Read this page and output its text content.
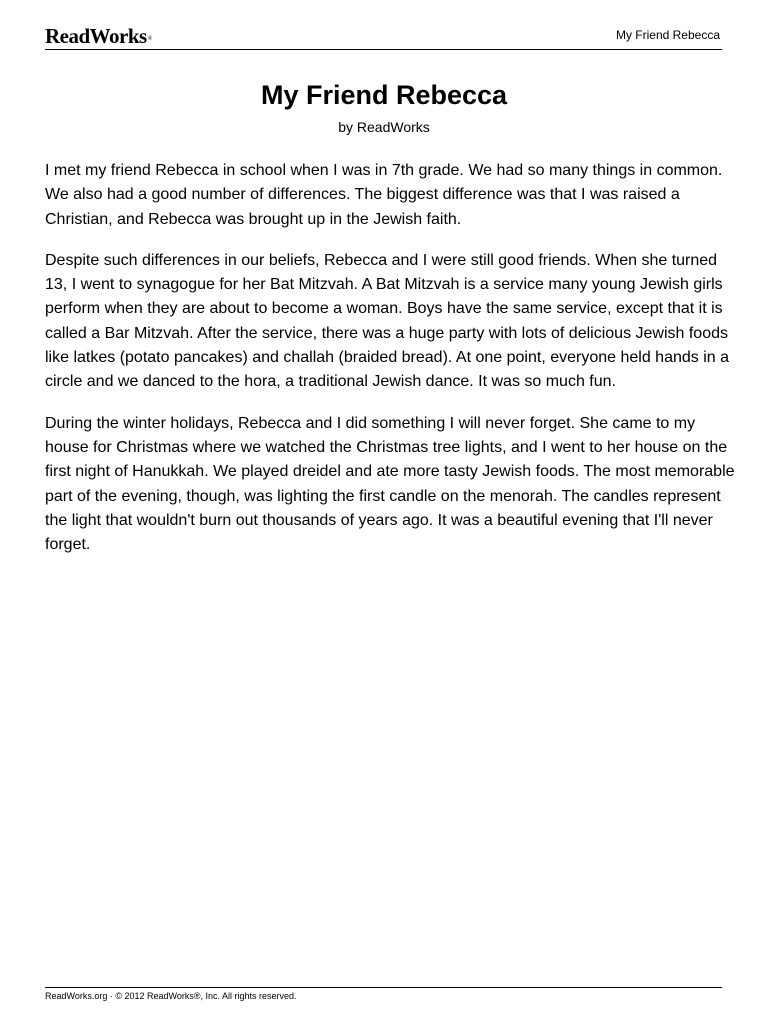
ReadWorks®	My Friend Rebecca
My Friend Rebecca
by ReadWorks

I met my friend Rebecca in school when I was in 7th grade. We had so many things in common. We also had a good number of differences. The biggest difference was that I was raised a Christian, and Rebecca was brought up in the Jewish faith.

Despite such differences in our beliefs, Rebecca and I were still good friends. When she turned 13, I went to synagogue for her Bat Mitzvah. A Bat Mitzvah is a service many young Jewish girls perform when they are about to become a woman. Boys have the same service, except that it is called a Bar Mitzvah. After the service, there was a huge party with lots of delicious Jewish foods like latkes (potato pancakes) and challah (braided bread). At one point, everyone held hands in a circle and we danced to the hora, a traditional Jewish dance. It was so much fun.

During the winter holidays, Rebecca and I did something I will never forget. She came to my house for Christmas where we watched the Christmas tree lights, and I went to her house on the first night of Hanukkah. We played dreidel and ate more tasty Jewish foods. The most memorable part of the evening, though, was lighting the first candle on the menorah. The candles represent the light that wouldn't burn out thousands of years ago. It was a beautiful evening that I'll never forget.

ReadWorks.org · © 2012 ReadWorks®, Inc. All rights reserved.
